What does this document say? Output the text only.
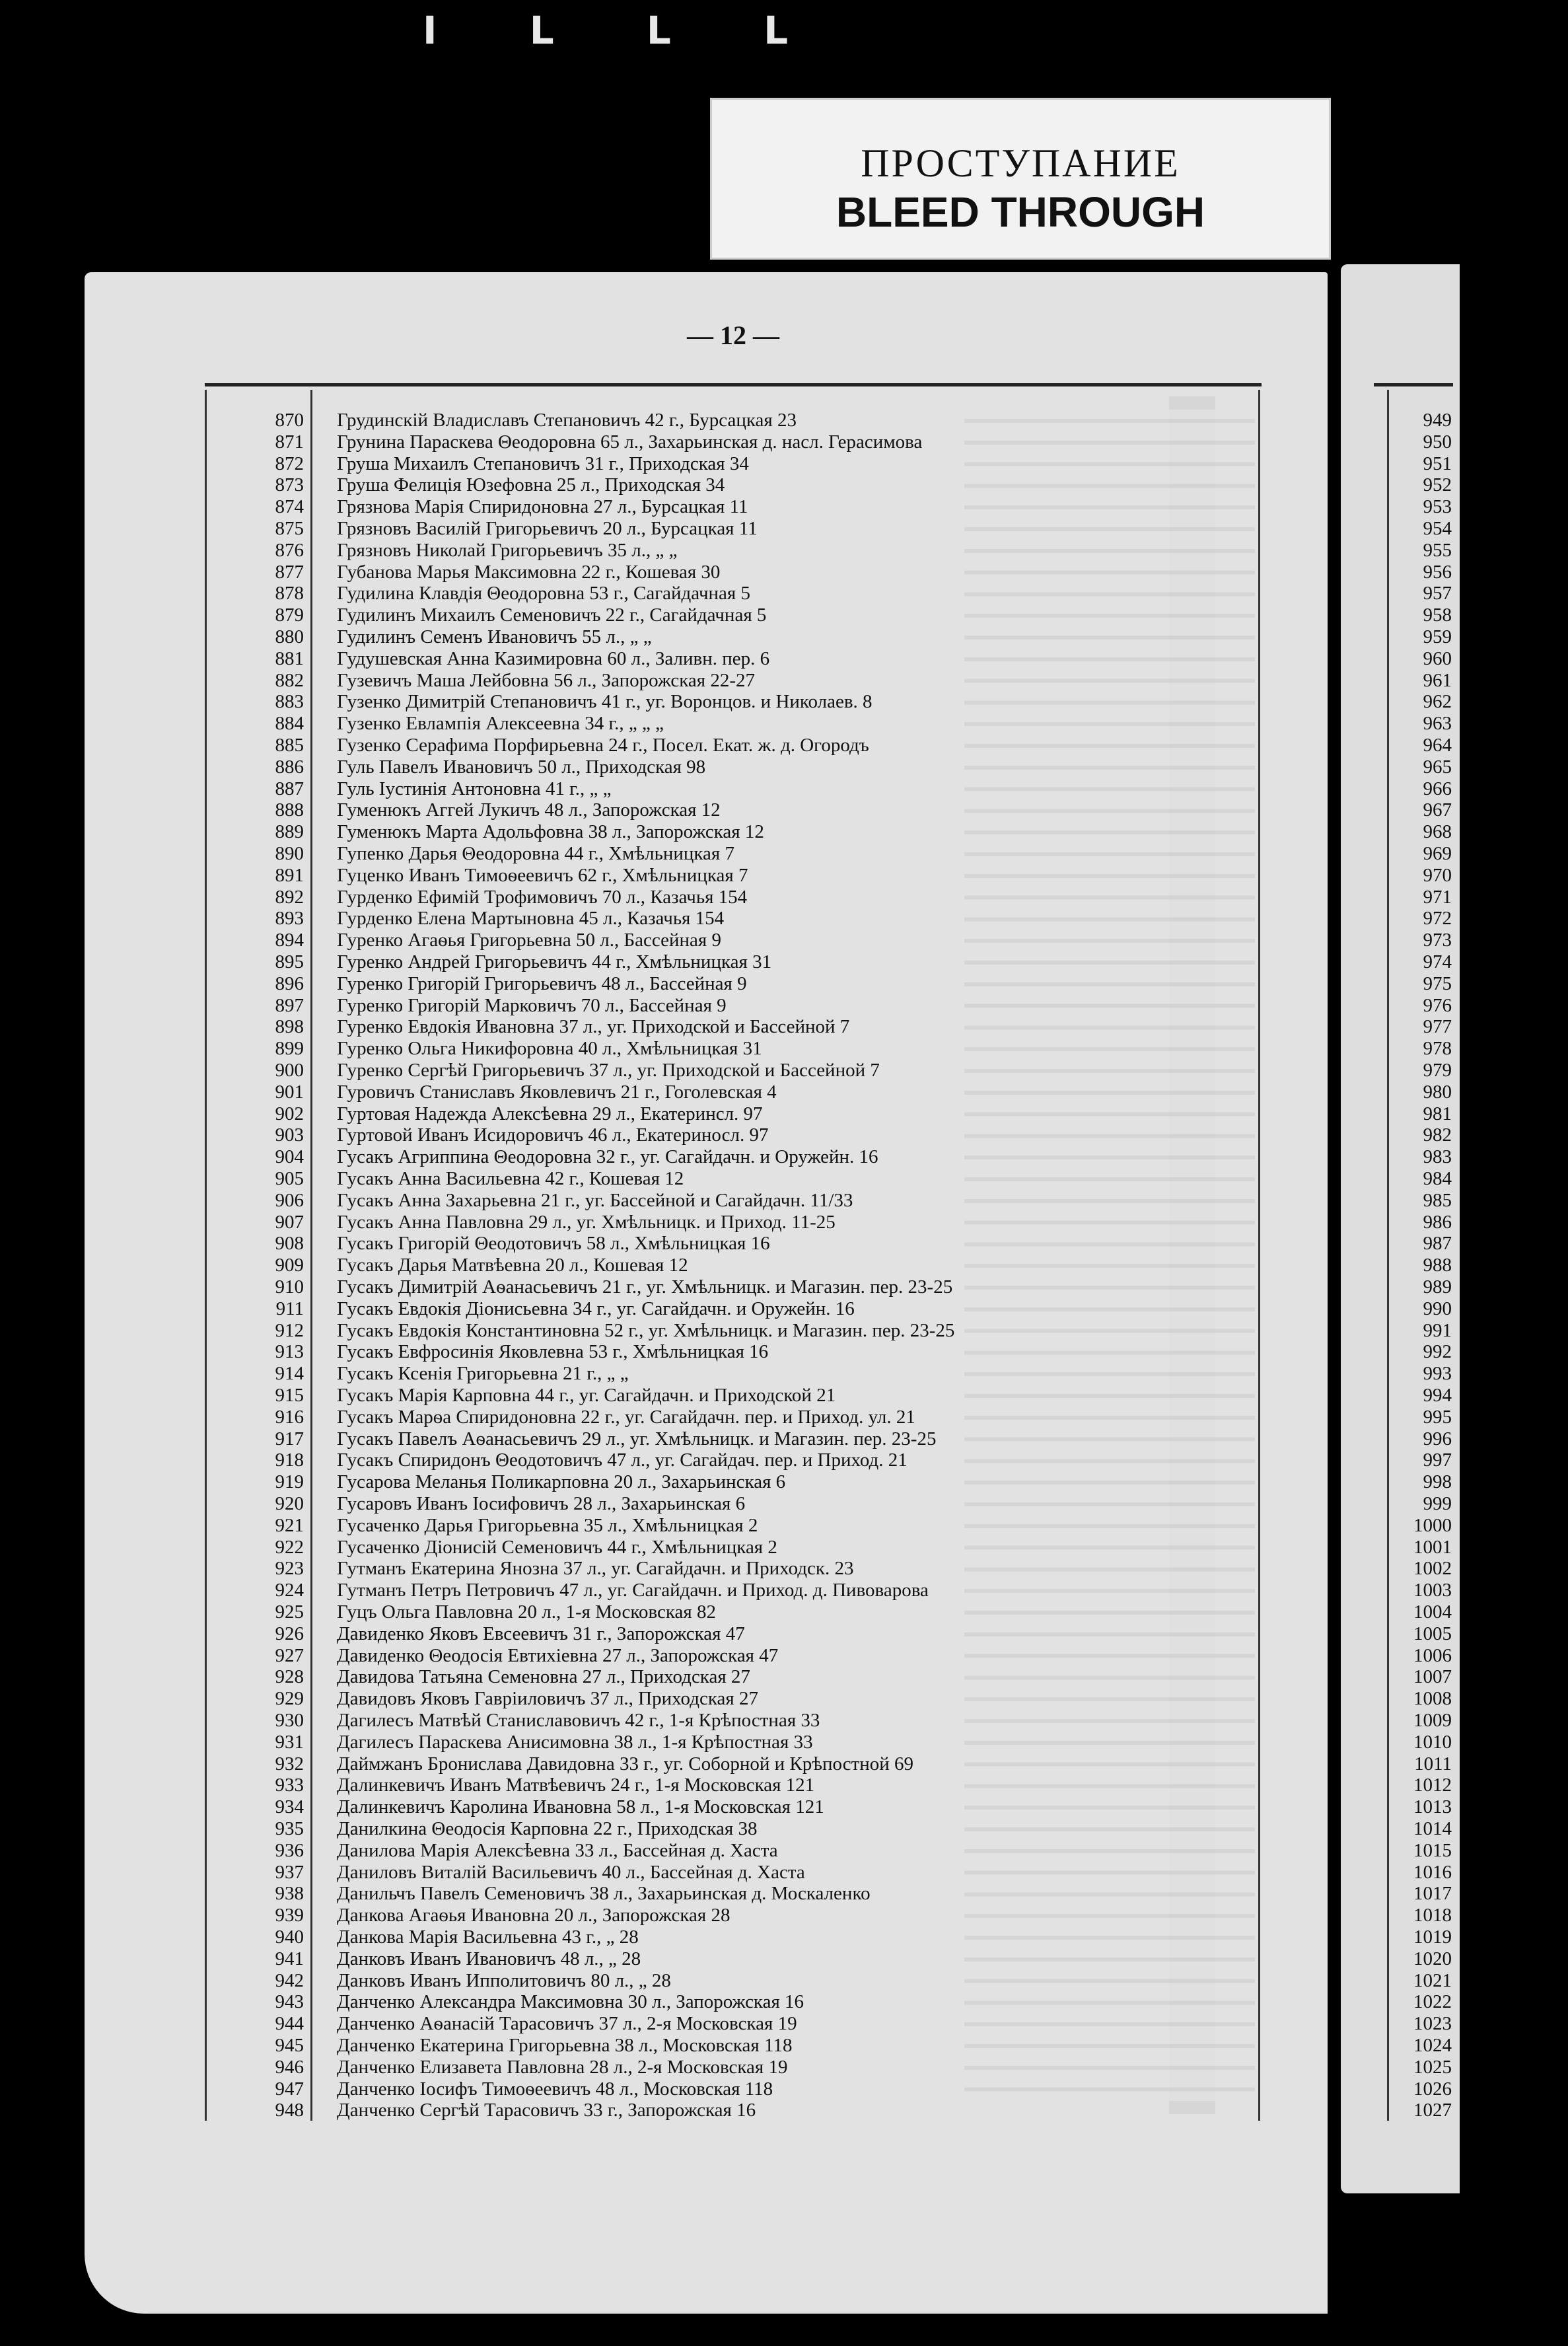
I L L L
ПРОСТУПАНИЕ
BLEED THROUGH
— 12 —
870 Грудинскій Владиславъ Степановичъ 42 г., Бурсацкая 23
871 Грунина Параскева Θеодоровна 65 л., Захарьинская д. насл. Герасимова
872 Груша Михаилъ Степановичъ 31 г., Приходская 34
873 Груша Фелиція Юзефовна 25 л., Приходская 34
874 Грязнова Марія Спиридоновна 27 л., Бурсацкая 11
875 Грязновъ Василій Григорьевичъ 20 л., Бурсацкая 11
876 Грязновъ Николай Григорьевичъ 35 л., „ „
877 Губанова Марья Максимовна 22 г., Кошевая 30
878 Гудилина Клавдія Θеодоровна 53 г., Сагайдачная 5
879 Гудилинъ Михаилъ Семеновичъ 22 г., Сагайдачная 5
880 Гудилинъ Семенъ Ивановичъ 55 л., „ „
881 Гудушевская Анна Казимировна 60 л., Заливн. пер. 6
882 Гузевичъ Маша Лейбовна 56 л., Запорожская 22-27
883 Гузенко Димитрій Степановичъ 41 г., уг. Воронцов. и Николаев. 8
884 Гузенко Евлампія Алексеевна 34 г., „ „ „
885 Гузенко Серафима Порфирьевна 24 г., Посел. Екат. ж. д. Огородъ
886 Гуль Павелъ Ивановичъ 50 л., Приходская 98
887 Гуль Іустинія Антоновна 41 г., „ „
888 Гуменюкъ Аггей Лукичъ 48 л., Запорожская 12
889 Гуменюкъ Марта Адольфовна 38 л., Запорожская 12
890 Гупенко Дарья Θеодоровна 44 г., Хмѣльницкая 7
891 Гуценко Иванъ Тимоѳеевичъ 62 г., Хмѣльницкая 7
892 Гурденко Ефимій Трофимовичъ 70 л., Казачья 154
893 Гурденко Елена Мартыновна 45 л., Казачья 154
894 Гуренко Агаѳья Григорьевна 50 л., Бассейная 9
895 Гуренко Андрей Григорьевичъ 44 г., Хмѣльницкая 31
896 Гуренко Григорій Григорьевичъ 48 л., Бассейная 9
897 Гуренко Григорій Марковичъ 70 л., Бассейная 9
898 Гуренко Евдокія Ивановна 37 л., уг. Приходской и Бассейной 7
899 Гуренко Ольга Никифоровна 40 л., Хмѣльницкая 31
900 Гуренко Сергѣй Григорьевичъ 37 л., уг. Приходской и Бассейной 7
901 Гуровичъ Станиславъ Яковлевичъ 21 г., Гоголевская 4
902 Гуртовая Надежда Алексѣевна 29 л., Екатеринсл. 97
903 Гуртовой Иванъ Исидоровичъ 46 л., Екатериносл. 97
904 Гусакъ Агриппина Θеодоровна 32 г., уг. Сагайдачн. и Оружейн. 16
905 Гусакъ Анна Васильевна 42 г., Кошевая 12
906 Гусакъ Анна Захарьевна 21 г., уг. Бассейной и Сагайдачн. 11/33
907 Гусакъ Анна Павловна 29 л., уг. Хмѣльницк. и Приход. 11-25
908 Гусакъ Григорій Θеодотовичъ 58 л., Хмѣльницкая 16
909 Гусакъ Дарья Матвѣевна 20 л., Кошевая 12
910 Гусакъ Димитрій Аѳанасьевичъ 21 г., уг. Хмѣльницк. и Магазин. пер. 23-25
911 Гусакъ Евдокія Діонисьевна 34 г., уг. Сагайдачн. и Оружейн. 16
912 Гусакъ Евдокія Константиновна 52 г., уг. Хмѣльницк. и Магазин. пер. 23-25
913 Гусакъ Евфросинія Яковлевна 53 г., Хмѣльницкая 16
914 Гусакъ Ксенія Григорьевна 21 г., „ „
915 Гусакъ Марія Карповна 44 г., уг. Сагайдачн. и Приходской 21
916 Гусакъ Марѳа Спиридоновна 22 г., уг. Сагайдачн. пер. и Приход. ул. 21
917 Гусакъ Павелъ Аѳанасьевичъ 29 л., уг. Хмѣльницк. и Магазин. пер. 23-25
918 Гусакъ Спиридонъ Θеодотовичъ 47 л., уг. Сагайдач. пер. и Приход. 21
919 Гусарова Меланья Поликарповна 20 л., Захарьинская 6
920 Гусаровъ Иванъ Іосифовичъ 28 л., Захарьинская 6
921 Гусаченко Дарья Григорьевна 35 л., Хмѣльницкая 2
922 Гусаченко Діонисій Семеновичъ 44 г., Хмѣльницкая 2
923 Гутманъ Екатерина Янозна 37 л., уг. Сагайдачн. и Приходск. 23
924 Гутманъ Петръ Петровичъ 47 л., уг. Сагайдачн. и Приход. д. Пивоварова
925 Гуцъ Ольга Павловна 20 л., 1-я Московская 82
926 Давиденко Яковъ Евсеевичъ 31 г., Запорожская 47
927 Давиденко Θеодосія Евтихіевна 27 л., Запорожская 47
928 Давидова Татьяна Семеновна 27 л., Приходская 27
929 Давидовъ Яковъ Гавріиловичъ 37 л., Приходская 27
930 Дагилесъ Матвѣй Станиславовичъ 42 г., 1-я Крѣпостная 33
931 Дагилесъ Параскева Анисимовна 38 л., 1-я Крѣпостная 33
932 Даймжанъ Бронислава Давидовна 33 г., уг. Соборной и Крѣпостной 69
933 Далинкевичъ Иванъ Матвѣевичъ 24 г., 1-я Московская 121
934 Далинкевичъ Каролина Ивановна 58 л., 1-я Московская 121
935 Данилкина Θеодосія Карповна 22 г., Приходская 38
936 Данилова Марія Алексѣевна 33 л., Бассейная д. Хаста
937 Даниловъ Виталій Васильевичъ 40 л., Бассейная д. Хаста
938 Данильчъ Павелъ Семеновичъ 38 л., Захарьинская д. Москаленко
939 Данкова Агаѳья Ивановна 20 л., Запорожская 28
940 Данкова Марія Васильевна 43 г., „ 28
941 Данковъ Иванъ Ивановичъ 48 л., „ 28
942 Данковъ Иванъ Ипполитовичъ 80 л., „ 28
943 Данченко Александра Максимовна 30 л., Запорожская 16
944 Данченко Аѳанасій Тарасовичъ 37 л., 2-я Московская 19
945 Данченко Екатерина Григорьевна 38 л., Московская 118
946 Данченко Елизавета Павловна 28 л., 2-я Московская 19
947 Данченко Іосифъ Тимоѳеевичъ 48 л., Московская 118
948 Данченко Сергѣй Тарасовичъ 33 г., Запорожская 16
949
950
951
952
953
954
955
956
957
958
959
960
961
962
963
964
965
966
967
968
969
970
971
972
973
974
975
976
977
978
979
980
981
982
983
984
985
986
987
988
989
990
991
992
993
994
995
996
997
998
999
1000
1001
1002
1003
1004
1005
1006
1007
1008
1009
1010
1011
1012
1013
1014
1015
1016
1017
1018
1019
1020
1021
1022
1023
1024
1025
1026
1027
